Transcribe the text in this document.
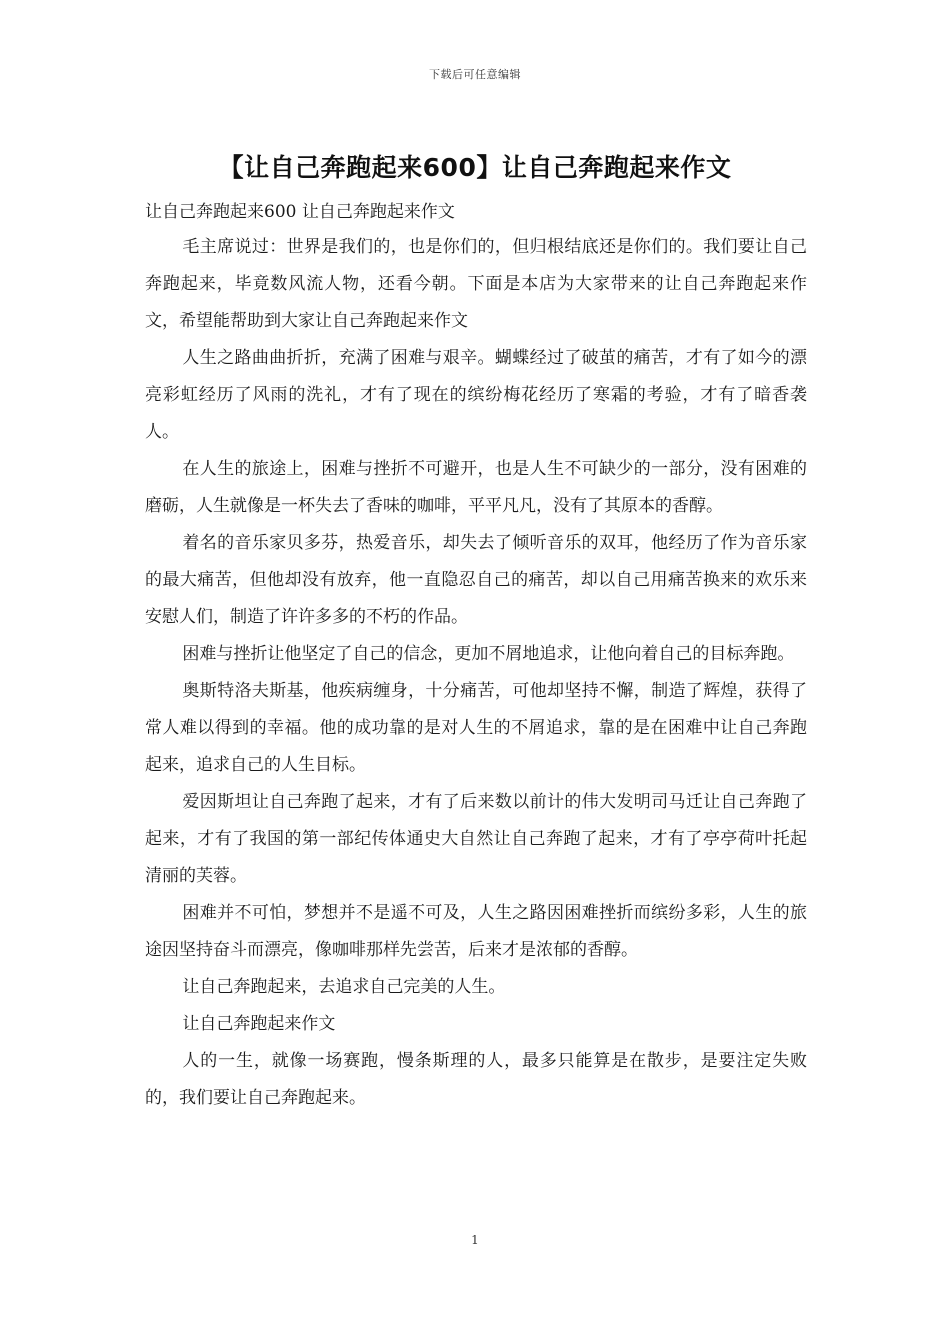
下载后可任意编辑
【让自己奔跑起来600】让自己奔跑起来作文
让自己奔跑起来600 让自己奔跑起来作文

毛主席说过：世界是我们的，也是你们的，但归根结底还是你们的。我们要让自己奔跑起来，毕竟数风流人物，还看今朝。下面是本店为大家带来的让自己奔跑起来作文，希望能帮助到大家让自己奔跑起来作文

人生之路曲曲折折，充满了困难与艰辛。蝴蝶经过了破茧的痛苦，才有了如今的漂亮彩虹经历了风雨的洗礼，才有了现在的缤纷梅花经历了寒霜的考验，才有了暗香袭人。

在人生的旅途上，困难与挫折不可避开，也是人生不可缺少的一部分，没有困难的磨砺，人生就像是一杯失去了香味的咖啡，平平凡凡，没有了其原本的香醇。

着名的音乐家贝多芬，热爱音乐，却失去了倾听音乐的双耳，他经历了作为音乐家的最大痛苦，但他却没有放弃，他一直隐忍自己的痛苦，却以自己用痛苦换来的欢乐来安慰人们，制造了许许多多的不朽的作品。

困难与挫折让他坚定了自己的信念，更加不屑地追求，让他向着自己的目标奔跑。

奥斯特洛夫斯基，他疾病缠身，十分痛苦，可他却坚持不懈，制造了辉煌，获得了常人难以得到的幸福。他的成功靠的是对人生的不屑追求，靠的是在困难中让自己奔跑起来，追求自己的人生目标。

爱因斯坦让自己奔跑了起来，才有了后来数以前计的伟大发明司马迁让自己奔跑了起来，才有了我国的第一部纪传体通史大自然让自己奔跑了起来，才有了亭亭荷叶托起清丽的芙蓉。

困难并不可怕，梦想并不是遥不可及，人生之路因困难挫折而缤纷多彩，人生的旅途因坚持奋斗而漂亮，像咖啡那样先尝苦，后来才是浓郁的香醇。

让自己奔跑起来，去追求自己完美的人生。

让自己奔跑起来作文

人的一生，就像一场赛跑，慢条斯理的人，最多只能算是在散步，是要注定失败的，我们要让自己奔跑起来。

1
